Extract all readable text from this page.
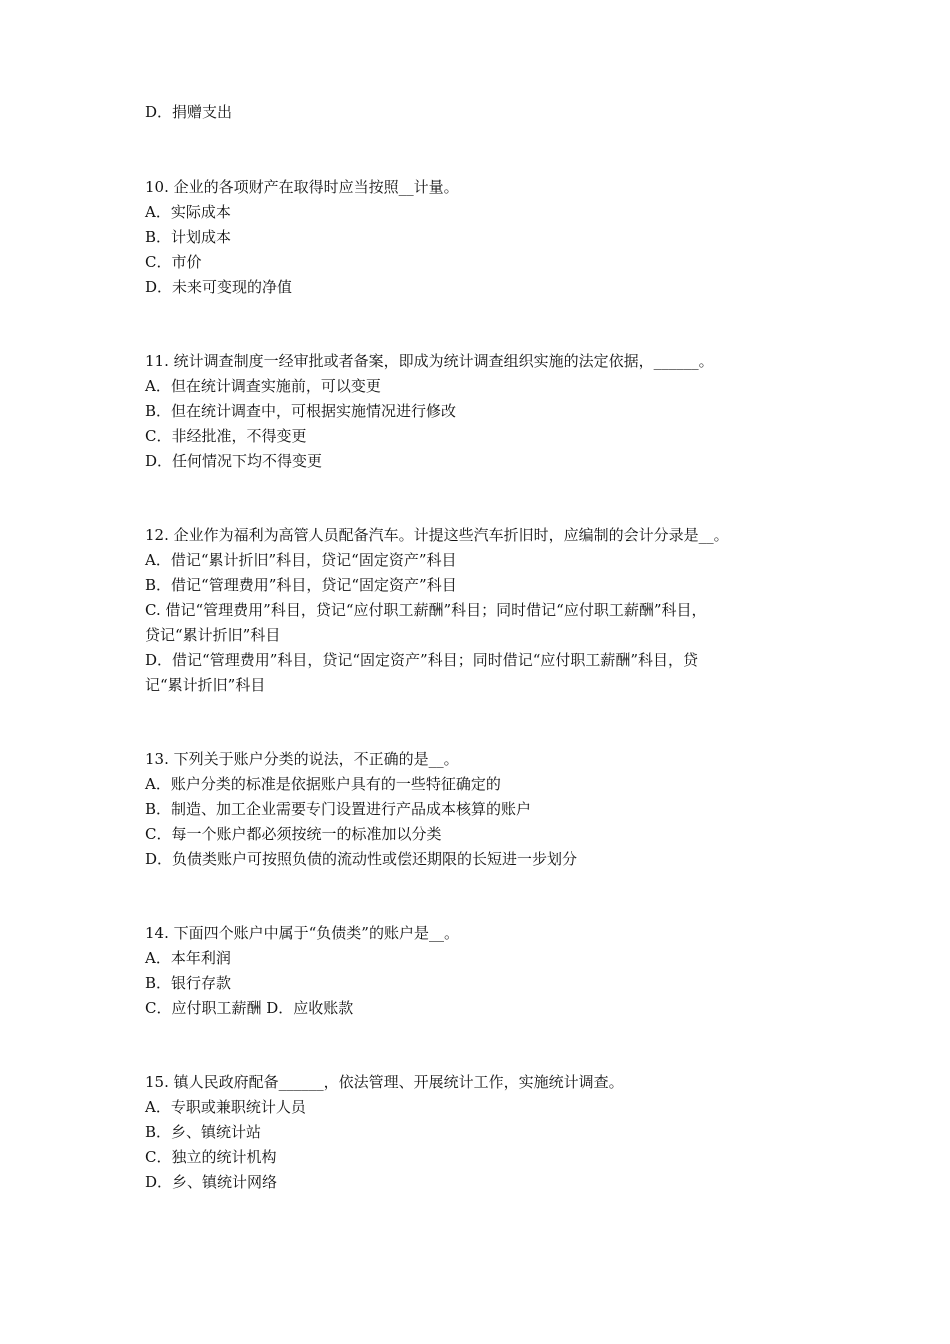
D．捐赠支出
10. 企业的各项财产在取得时应当按照__计量。
A．实际成本
B．计划成本
C．市价
D．未来可变现的净值
11. 统计调查制度一经审批或者备案，即成为统计调查组织实施的法定依据，______。
A．但在统计调查实施前，可以变更
B．但在统计调查中，可根据实施情况进行修改
C．非经批准，不得变更
D．任何情况下均不得变更
12. 企业作为福利为高管人员配备汽车。计提这些汽车折旧时，应编制的会计分录是__。
A．借记“累计折旧”科目，贷记“固定资产”科目
B．借记“管理费用”科目，贷记“固定资产”科目
C. 借记“管理费用”科目，贷记“应付职工薪酬”科目；同时借记“应付职工薪酬”科目，
贷记“累计折旧”科目
D．借记“管理费用”科目，贷记“固定资产”科目；同时借记“应付职工薪酬”科目，贷
记“累计折旧”科目
13. 下列关于账户分类的说法，不正确的是__。
A．账户分类的标准是依据账户具有的一些特征确定的
B．制造、加工企业需要专门设置进行产品成本核算的账户
C．每一个账户都必须按统一的标准加以分类
D．负债类账户可按照负债的流动性或偿还期限的长短进一步划分
14. 下面四个账户中属于“负债类”的账户是__。
A．本年利润
B．银行存款
C．应付职工薪酬 D．应收账款
15. 镇人民政府配备______，依法管理、开展统计工作，实施统计调查。
A．专职或兼职统计人员
B．乡、镇统计站
C．独立的统计机构
D．乡、镇统计网络
